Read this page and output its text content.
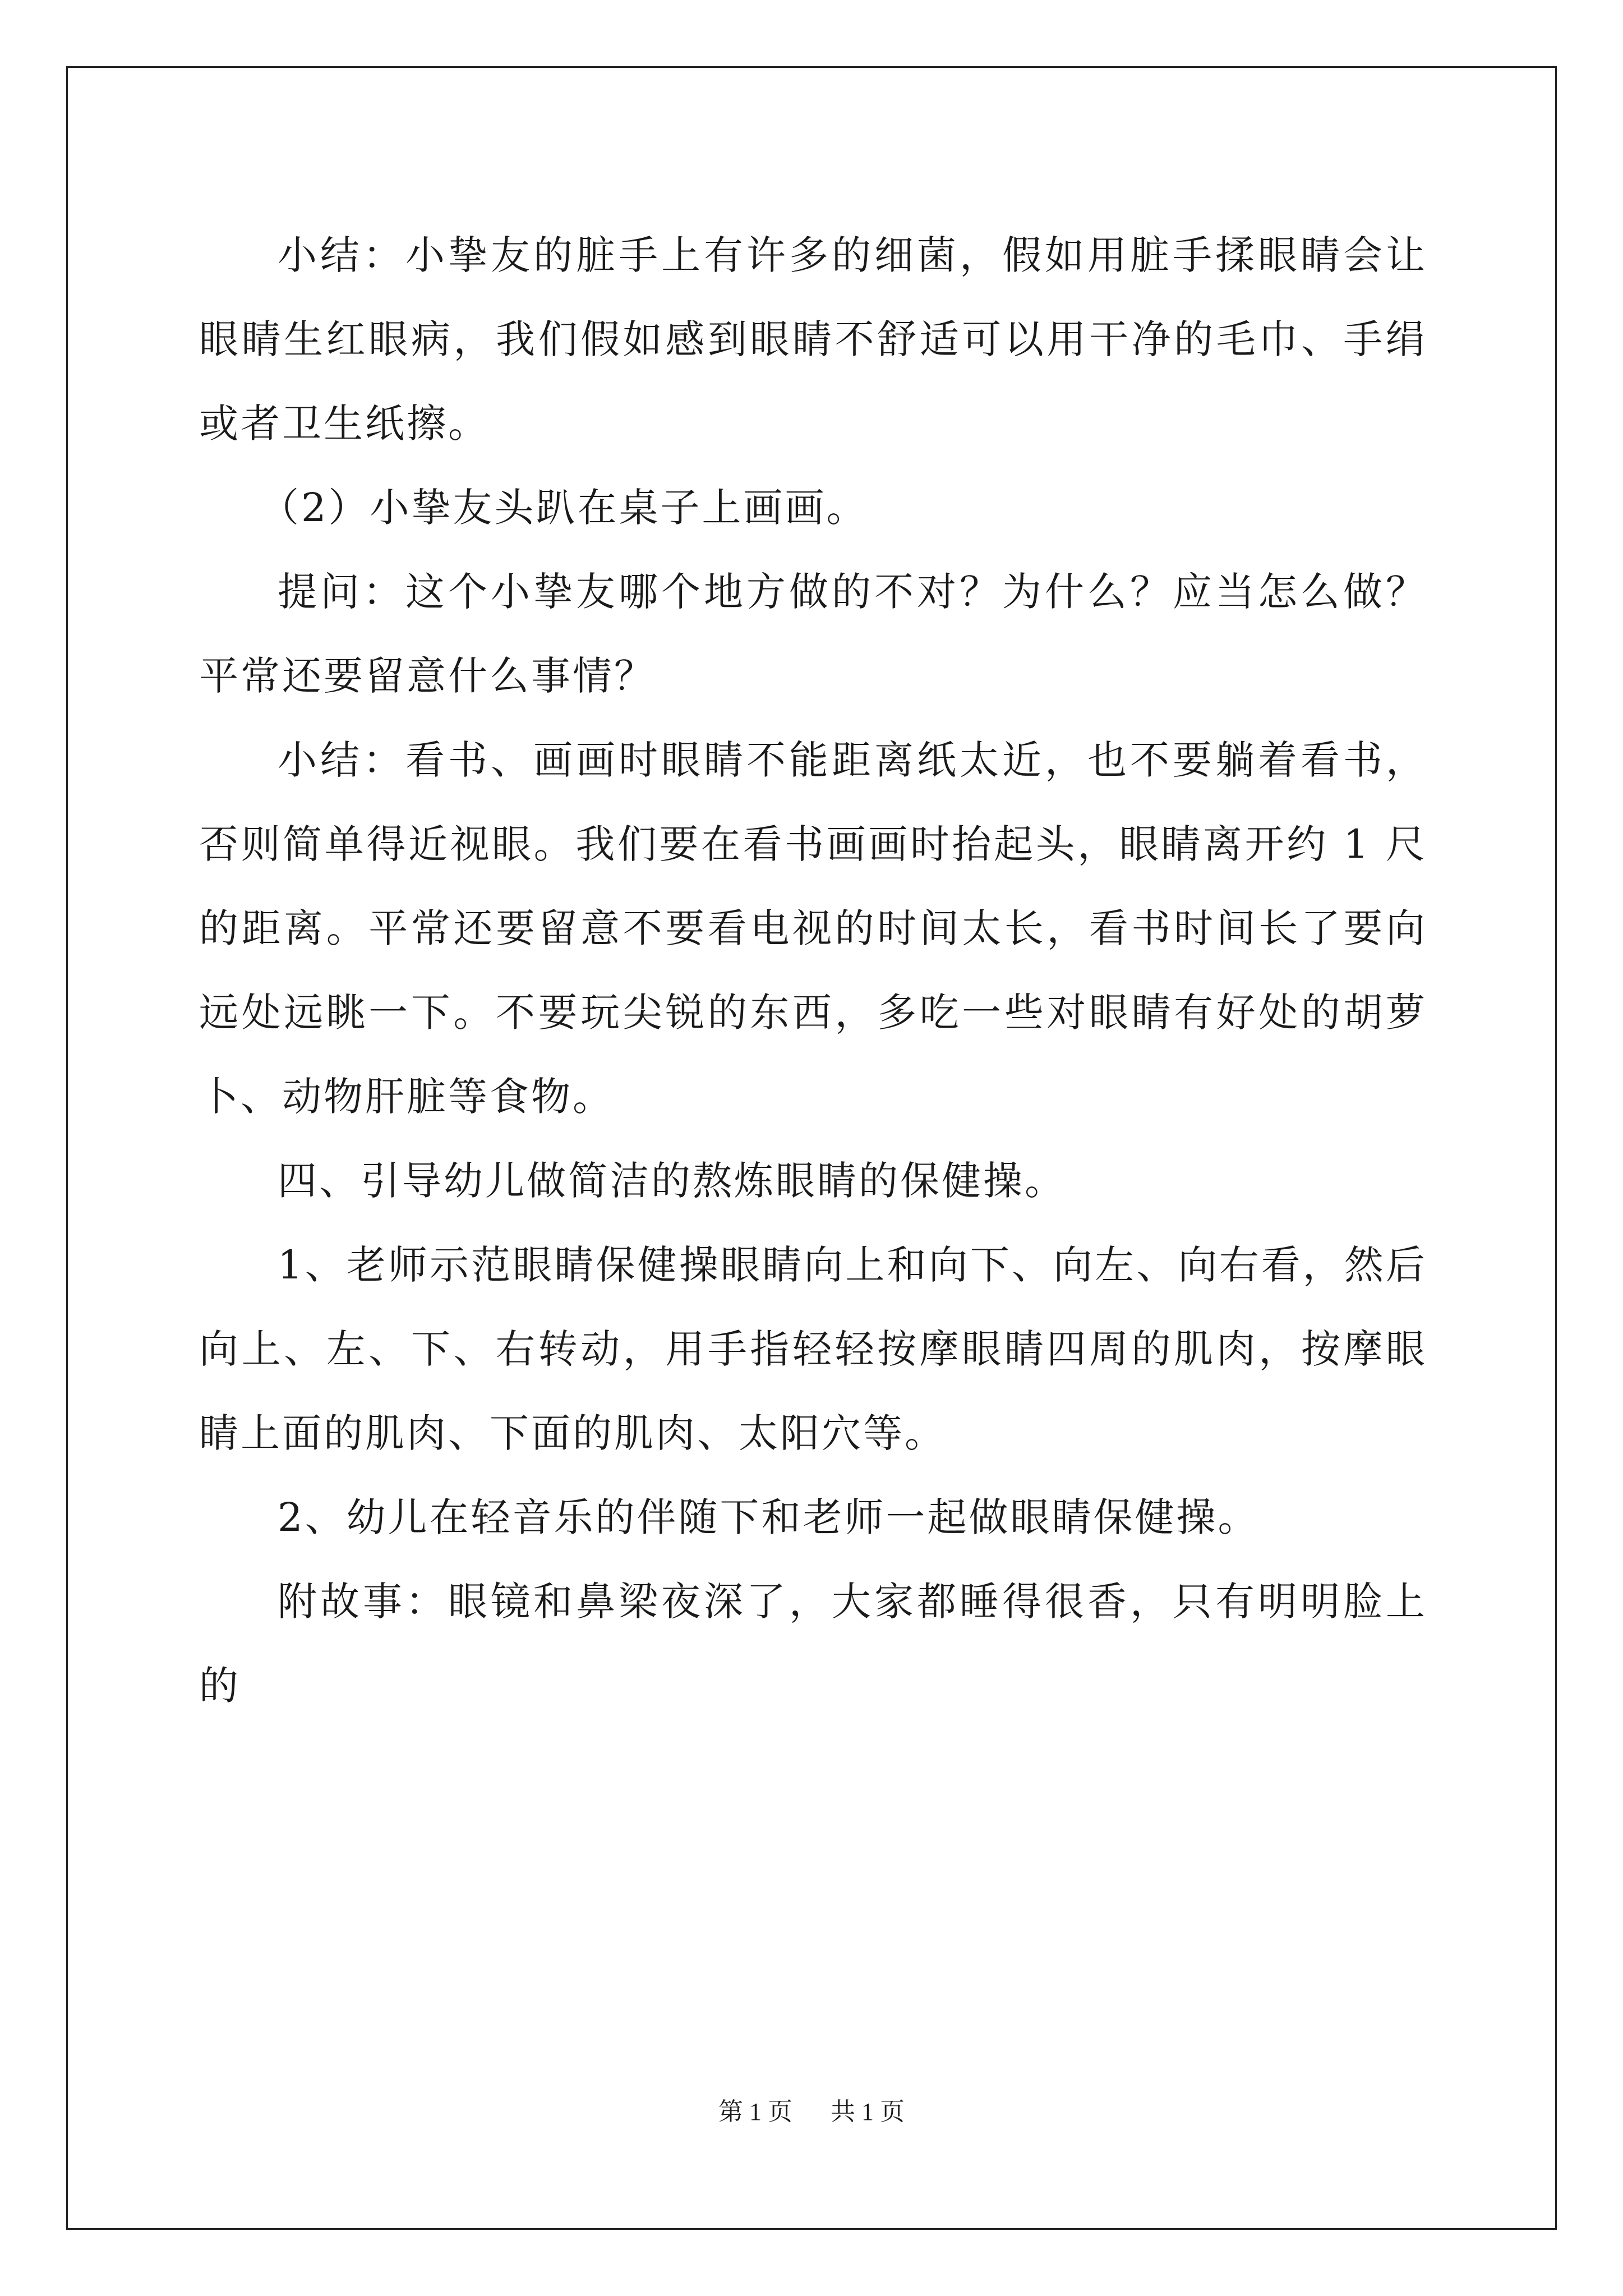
小结：小挚友的脏手上有许多的细菌，假如用脏手揉眼睛会让眼睛生红眼病，我们假如感到眼睛不舒适可以用干净的毛巾、手绢或者卫生纸擦。

（2）小挚友头趴在桌子上画画。

提问：这个小挚友哪个地方做的不对？为什么？应当怎么做？平常还要留意什么事情？

小结：看书、画画时眼睛不能距离纸太近，也不要躺着看书，否则简单得近视眼。我们要在看书画画时抬起头，眼睛离开约 1 尺的距离。平常还要留意不要看电视的时间太长，看书时间长了要向远处远眺一下。不要玩尖锐的东西，多吃一些对眼睛有好处的胡萝卜、动物肝脏等食物。

四、引导幼儿做简洁的熬炼眼睛的保健操。

1、老师示范眼睛保健操眼睛向上和向下、向左、向右看，然后向上、左、下、右转动，用手指轻轻按摩眼睛四周的肌肉，按摩眼睛上面的肌肉、下面的肌肉、太阳穴等。

2、幼儿在轻音乐的伴随下和老师一起做眼睛保健操。

附故事：眼镜和鼻梁夜深了，大家都睡得很香，只有明明脸上的

第 1 页 共 1 页
